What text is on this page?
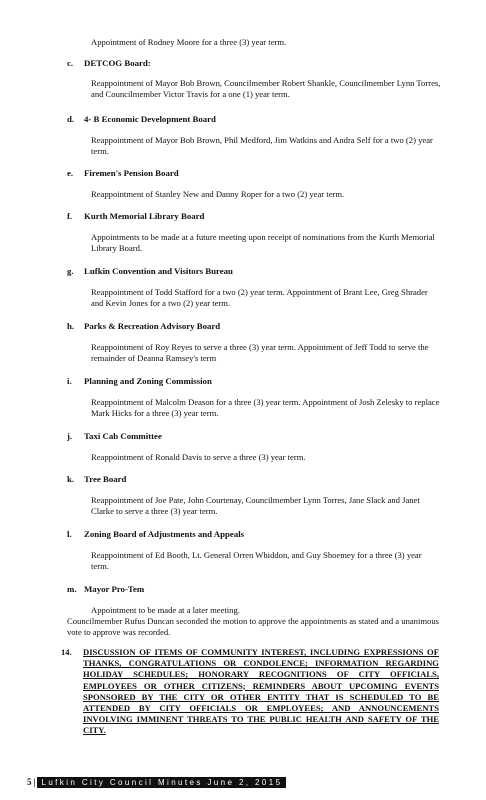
Appointment of Rodney Moore for a three (3) year term.
c. DETCOG Board:
Reappointment of Mayor Bob Brown, Councilmember Robert Shankle, Councilmember Lynn Torres, and Councilmember Victor Travis for a one (1) year term.
d. 4- B Economic Development Board
Reappointment of Mayor Bob Brown, Phil Medford, Jim Watkins and Andra Self for a two (2) year term.
e. Firemen's Pension Board
Reappointment of Stanley New and Danny Roper for a two (2) year term.
f. Kurth Memorial Library Board
Appointments to be made at a future meeting upon receipt of nominations from the Kurth Memorial Library Board.
g. Lufkin Convention and Visitors Bureau
Reappointment of Todd Stafford for a two (2) year term. Appointment of Brant Lee, Greg Shrader and Kevin Jones for a two (2) year term.
h. Parks & Recreation Advisory Board
Reappointment of Roy Reyes to serve a three (3) year term. Appointment of Jeff Todd to serve the remainder of Deanna Ramsey's term
i. Planning and Zoning Commission
Reappointment of Malcolm Deason for a three (3) year term. Appointment of Josh Zelesky to replace Mark Hicks for a three (3) year term.
j. Taxi Cab Committee
Reappointment of Ronald Davis to serve a three (3) year term.
k. Tree Board
Reappointment of Joe Pate, John Courtenay, Councilmember Lynn Torres, Jane Slack and Janet Clarke to serve a three (3) year term.
l. Zoning Board of Adjustments and Appeals
Reappointment of Ed Booth, Lt. General Orren Whiddon, and Guy Shoemey for a three (3) year term.
m. Mayor Pro-Tem
Appointment to be made at a later meeting.
Councilmember Rufus Duncan seconded the motion to approve the appointments as stated and a unanimous vote to approve was recorded.
14. DISCUSSION OF ITEMS OF COMMUNITY INTEREST, INCLUDING EXPRESSIONS OF THANKS, CONGRATULATIONS OR CONDOLENCE; INFORMATION REGARDING HOLIDAY SCHEDULES; HONORARY RECOGNITIONS OF CITY OFFICIALS, EMPLOYEES OR OTHER CITIZENS; REMINDERS ABOUT UPCOMING EVENTS SPONSORED BY THE CITY OR OTHER ENTITY THAT IS SCHEDULED TO BE ATTENDED BY CITY OFFICIALS OR EMPLOYEES; AND ANNOUNCEMENTS INVOLVING IMMINENT THREATS TO THE PUBLIC HEALTH AND SAFETY OF THE CITY.
5 | Lufkin City Council Minutes June 2, 2015
